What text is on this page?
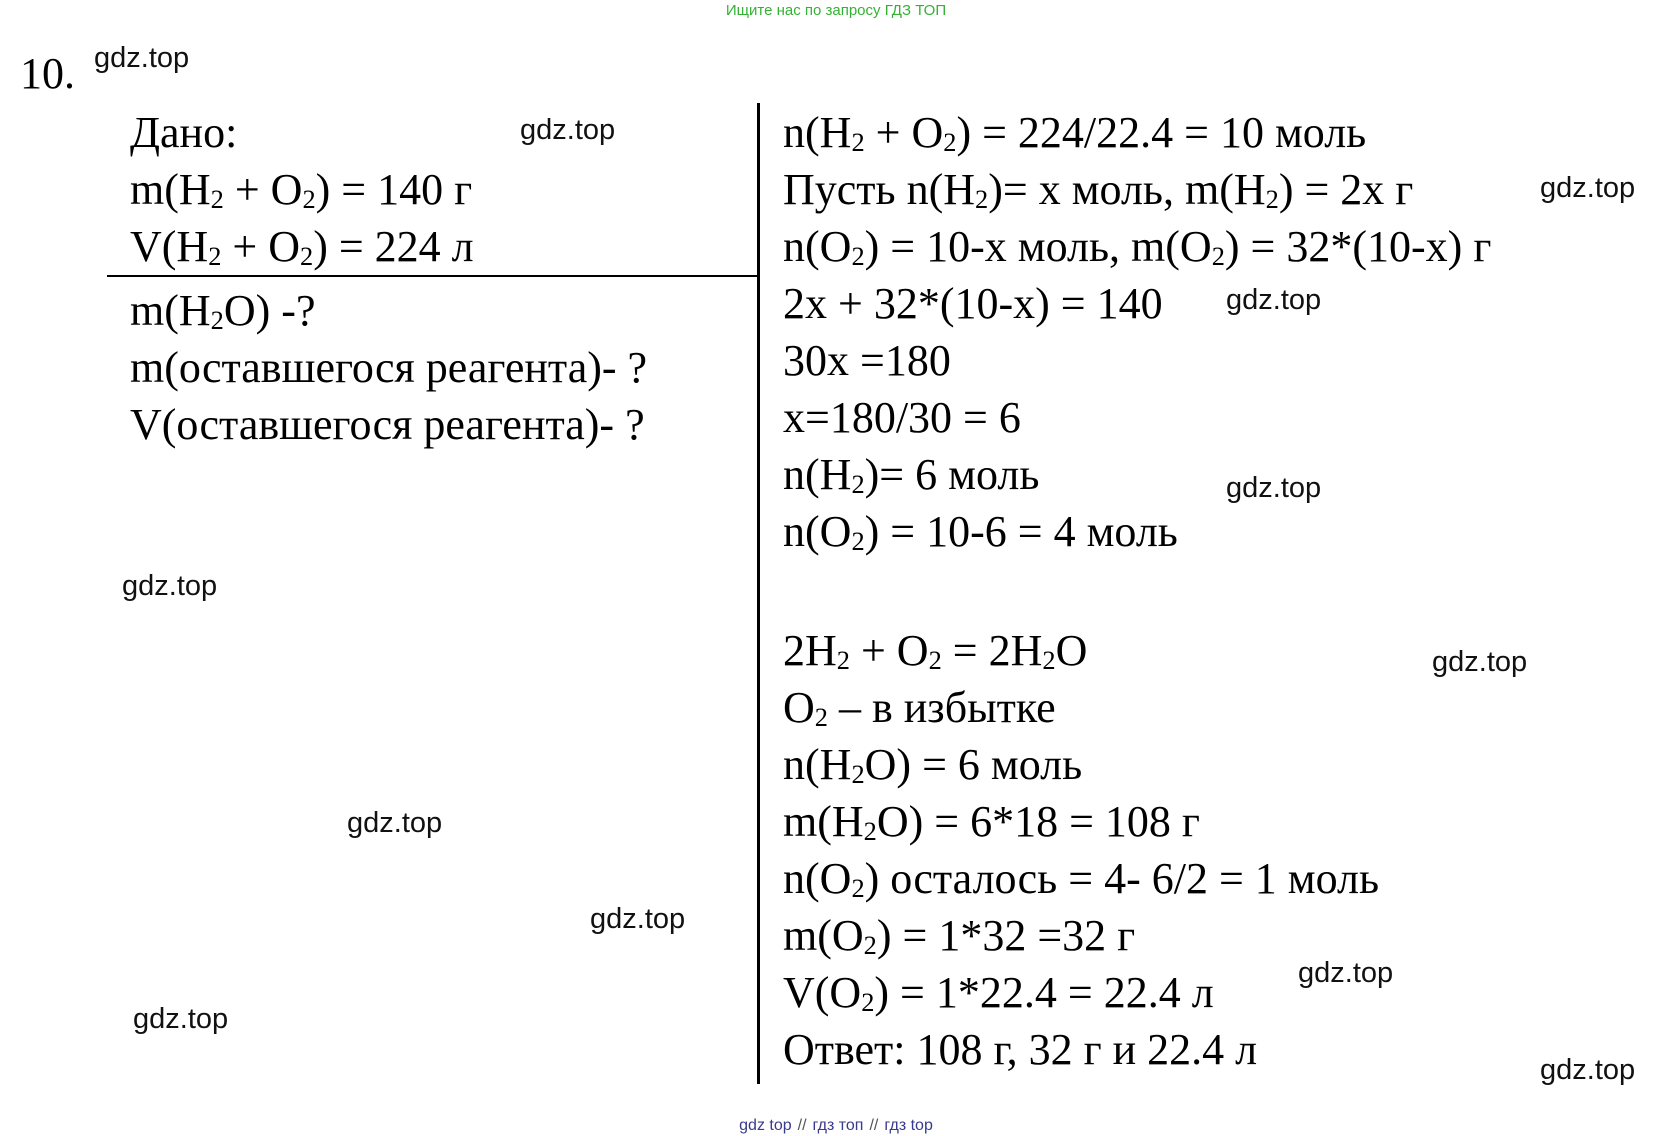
Ищите нас по запросу ГДЗ ТОП
10. gdz.top
gdz.top
gdz.top
gdz.top
gdz.top
gdz.top
gdz.top
gdz.top
gdz.top
gdz.top
gdz.top
gdz.top
Дано:
$m(H_2 + O_2) = 140$ г
$V(H_2 + O_2) = 224$ л
$m(H_2O)$ -?
m(оставшегося реагента)- ?
V(оставшегося реагента)- ?
$n(H_2 + O_2) = 224/22.4 = 10$ моль
Пусть $n(H_2)= x$ моль, $m(H_2) = 2x$ г
$n(O_2) = 10-x$ моль, $m(O_2) = 32*(10-x)$ г
2x + 32*(10-x) = 140
30x =180
x=180/30 = 6
$n(H_2)= 6$ моль
$n(O_2) = 10-6 = 4$ моль
$2H_2 + O_2 = 2H_2O$
$O_2$ – в избытке
$n(H_2O) = 6$ моль
$m(H_2O) = 6*18 = 108$ г
$n(O_2)$ осталось = 4- 6/2 = 1 моль
$m(O_2) = 1*32 =32$ г
$V(O_2) = 1*22.4 = 22.4$ л
Ответ: 108 г, 32 г и 22.4 л
gdz top // гдз топ // гдз top
